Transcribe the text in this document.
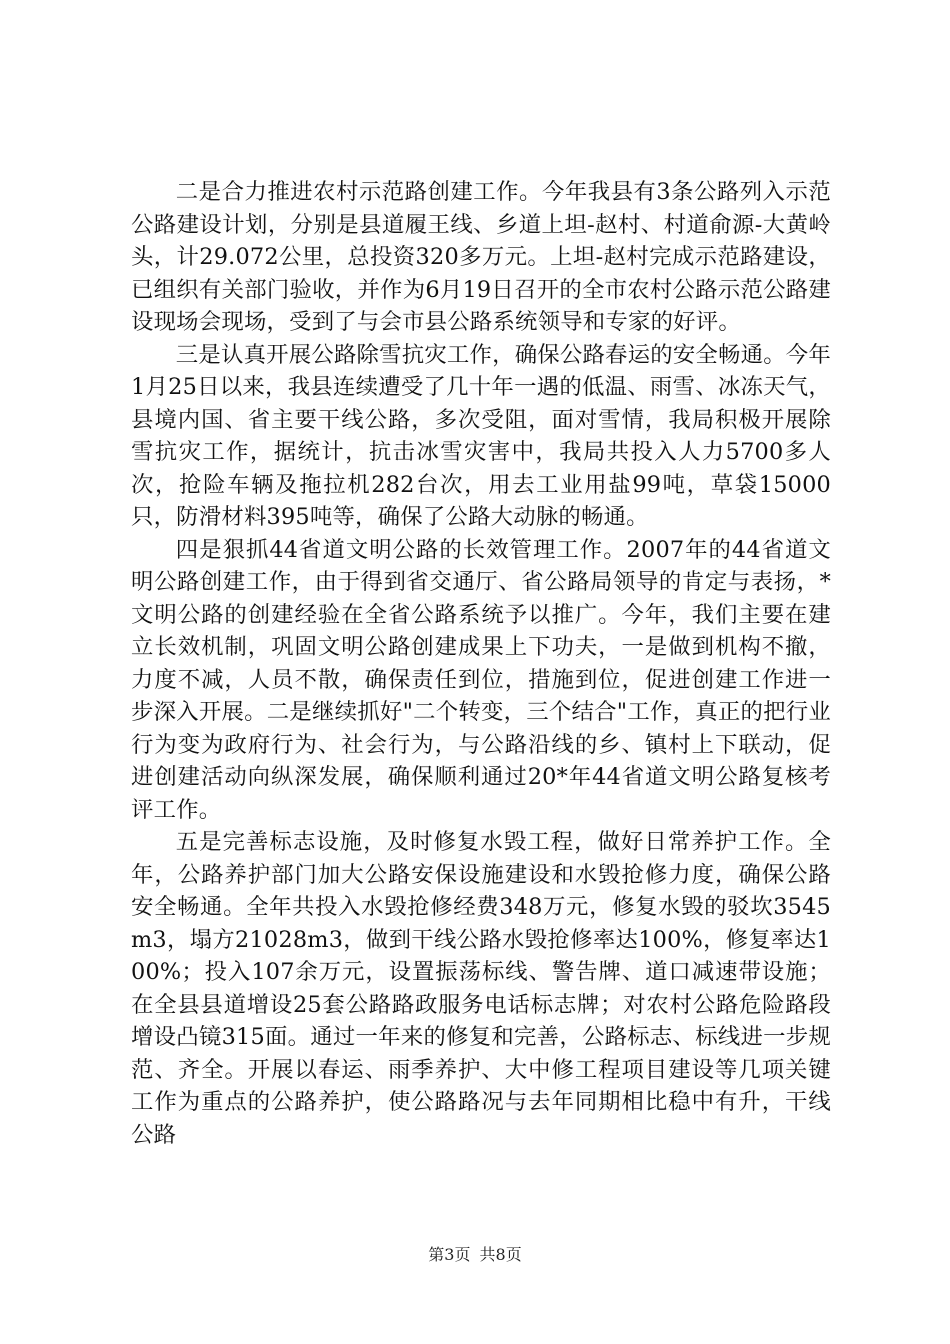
二是合力推进农村示范路创建工作。今年我县有3条公路列入示范公路建设计划，分别是县道履王线、乡道上坦-赵村、村道俞源-大黄岭头，计29.072公里，总投资320多万元。上坦-赵村完成示范路建设，已组织有关部门验收，并作为6月19日召开的全市农村公路示范公路建设现场会现场，受到了与会市县公路系统领导和专家的好评。

三是认真开展公路除雪抗灾工作，确保公路春运的安全畅通。今年1月25日以来，我县连续遭受了几十年一遇的低温、雨雪、冰冻天气，县境内国、省主要干线公路，多次受阻，面对雪情，我局积极开展除雪抗灾工作，据统计，抗击冰雪灾害中，我局共投入人力5700多人次，抢险车辆及拖拉机282台次，用去工业用盐99吨，草袋15000只，防滑材料395吨等，确保了公路大动脉的畅通。

四是狠抓44省道文明公路的长效管理工作。2007年的44省道文明公路创建工作，由于得到省交通厅、省公路局领导的肯定与表扬，*文明公路的创建经验在全省公路系统予以推广。今年，我们主要在建立长效机制，巩固文明公路创建成果上下功夫，一是做到机构不撤，力度不减，人员不散，确保责任到位，措施到位，促进创建工作进一步深入开展。二是继续抓好"二个转变，三个结合"工作，真正的把行业行为变为政府行为、社会行为，与公路沿线的乡、镇村上下联动，促进创建活动向纵深发展，确保顺利通过20*年44省道文明公路复核考评工作。

五是完善标志设施，及时修复水毁工程，做好日常养护工作。全年，公路养护部门加大公路安保设施建设和水毁抢修力度，确保公路安全畅通。全年共投入水毁抢修经费348万元，修复水毁的驳坎3545m3，塌方21028m3，做到干线公路水毁抢修率达100%，修复率达100%；投入107余万元，设置振荡标线、警告牌、道口减速带设施；在全县县道增设25套公路路政服务电话标志牌；对农村公路危险路段增设凸镜315面。通过一年来的修复和完善，公路标志、标线进一步规范、齐全。开展以春运、雨季养护、大中修工程项目建设等几项关键工作为重点的公路养护，使公路路况与去年同期相比稳中有升，干线公路

第3页 共8页
